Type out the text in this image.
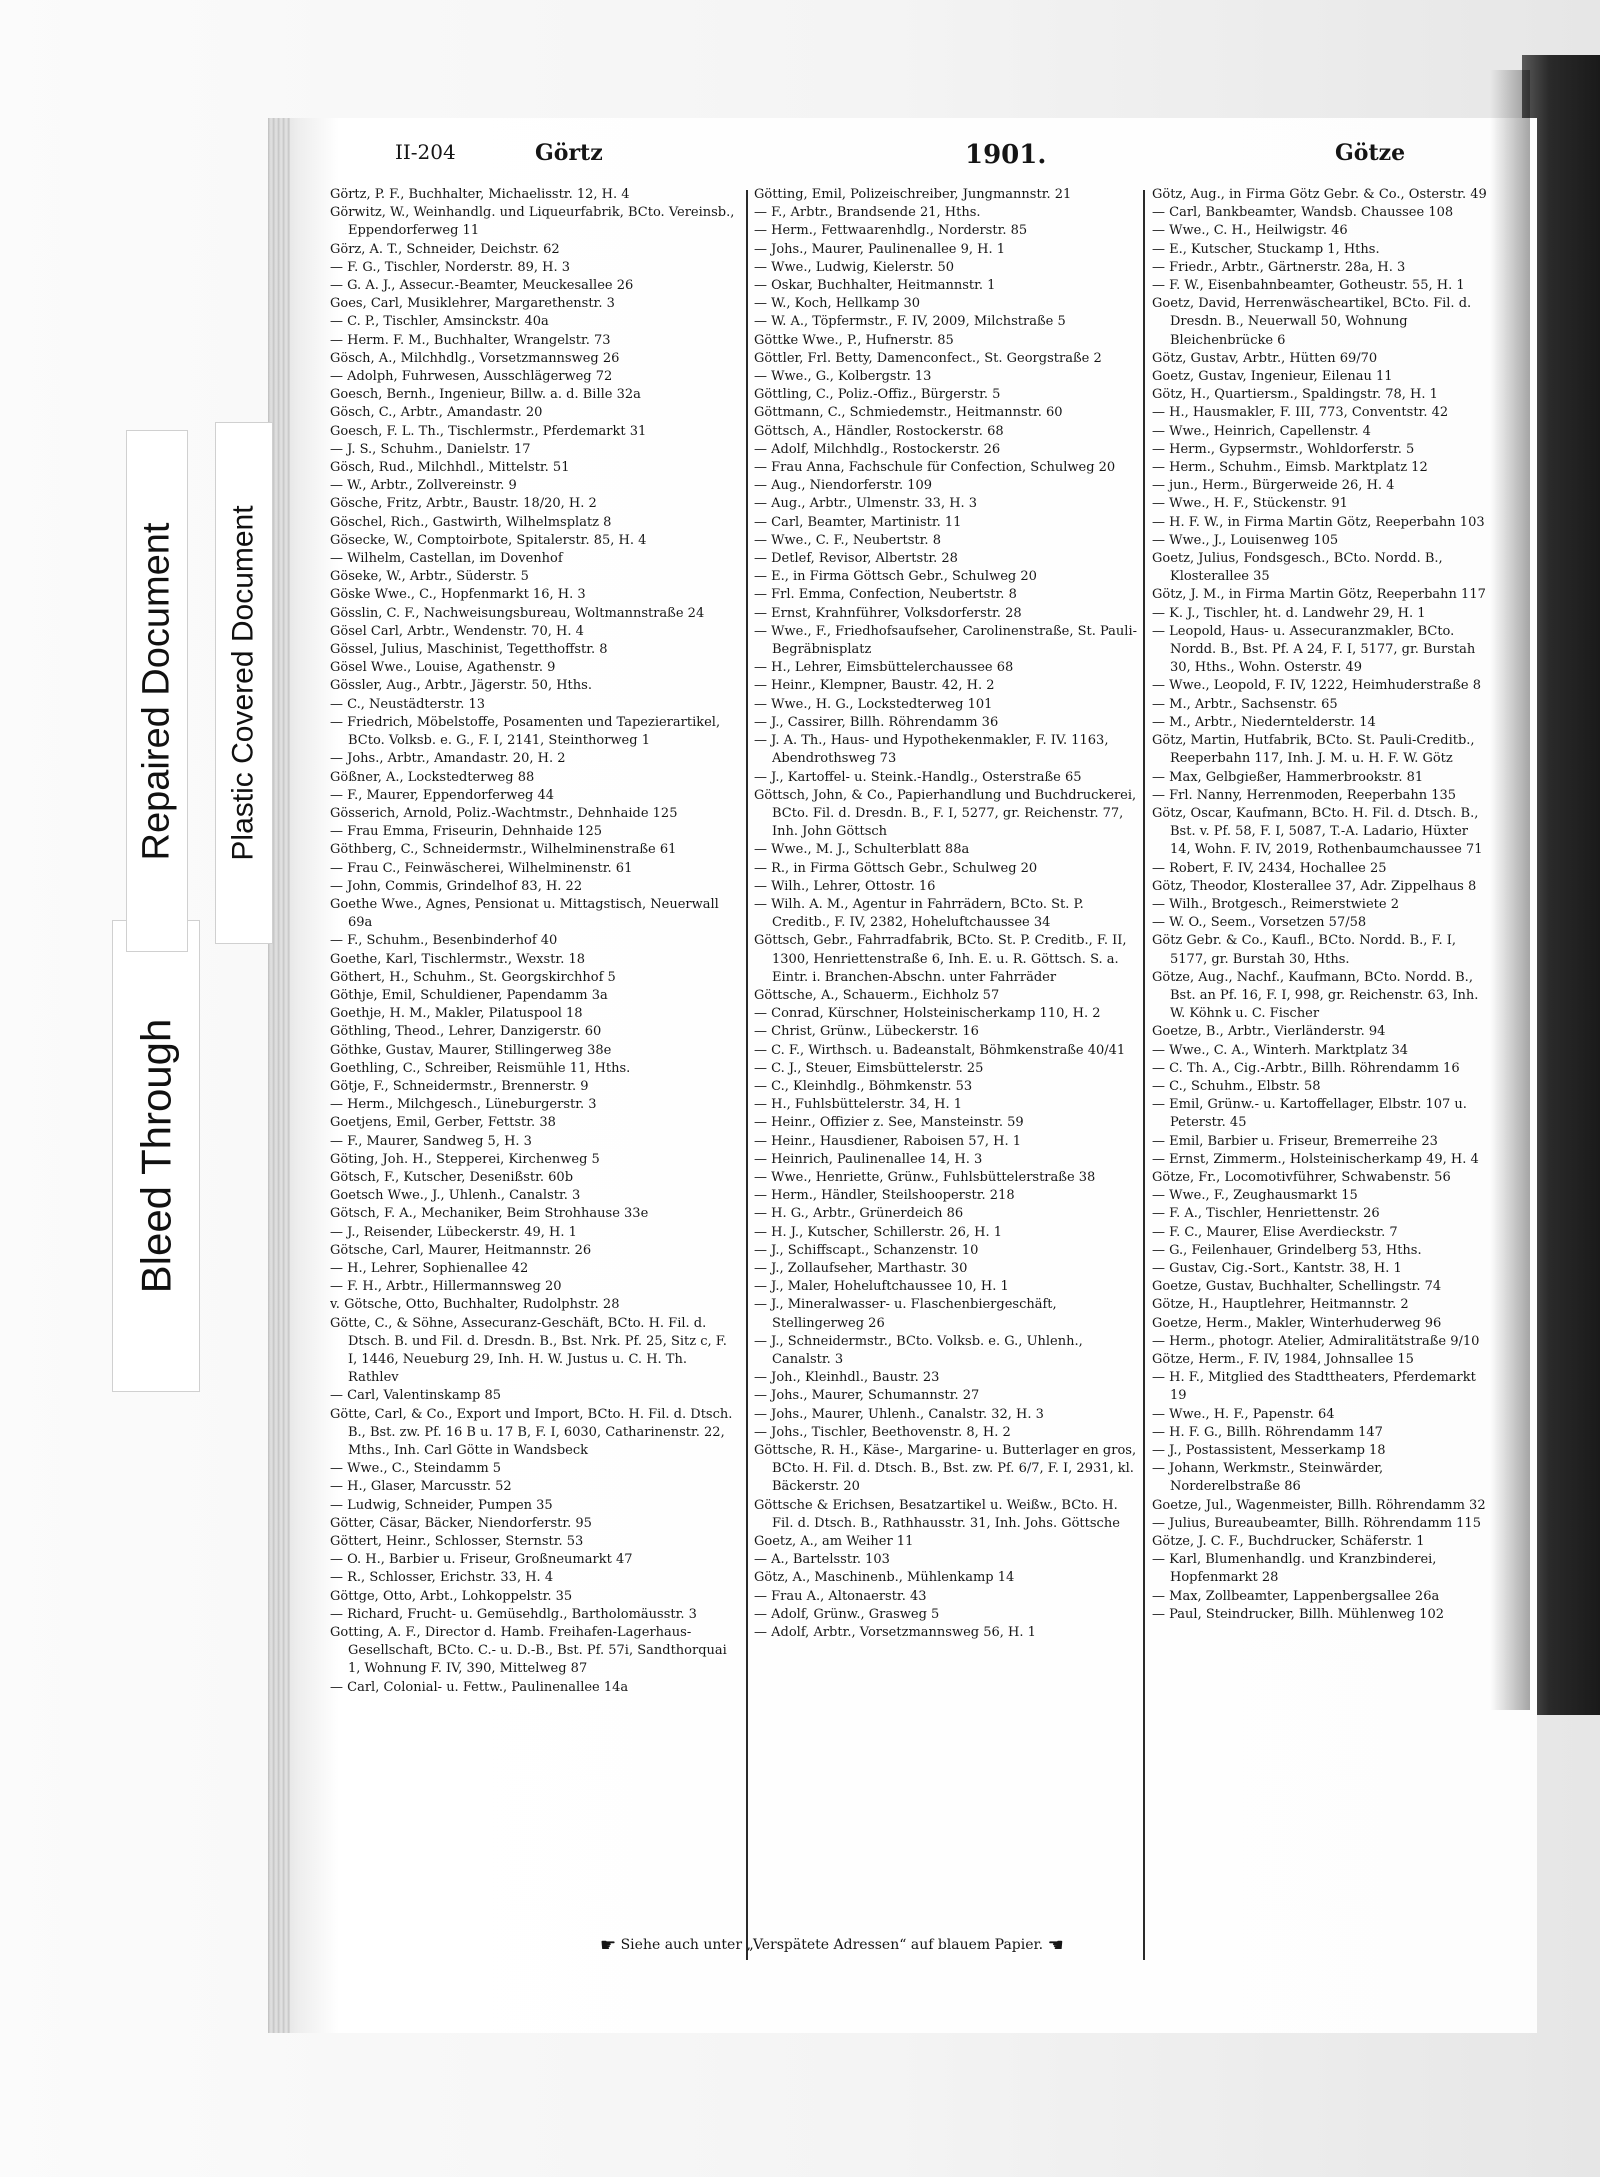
Bleed Through
Repaired Document Plastic Covered Document
II-204	Görtz	1901.	Götze

Görtz, P. F., Buchhalter, Michaelisstr. 12, H. 4

Görwitz, W., Weinhandlg. und Liqueurfabrik, BCto. Vereinsb., Eppendorferweg 11

Görz, A. T., Schneider, Deichstr. 62

— F. G., Tischler, Norderstr. 89, H. 3

— G. A. J., Assecur.-Beamter, Meuckesallee 26

Goes, Carl, Musiklehrer, Margarethenstr. 3

— C. P., Tischler, Amsinckstr. 40a

— Herm. F. M., Buchhalter, Wrangelstr. 73

Gösch, A., Milchhdlg., Vorsetzmannsweg 26

— Adolph, Fuhrwesen, Ausschlägerweg 72

Goesch, Bernh., Ingenieur, Billw. a. d. Bille 32a

Gösch, C., Arbtr., Amandastr. 20

Goesch, F. L. Th., Tischlermstr., Pferdemarkt 31

— J. S., Schuhm., Danielstr. 17

Gösch, Rud., Milchhdl., Mittelstr. 51

— W., Arbtr., Zollvereinstr. 9

Gösche, Fritz, Arbtr., Baustr. 18/20, H. 2

Göschel, Rich., Gastwirth, Wilhelmsplatz 8

Gösecke, W., Comptoirbote, Spitalerstr. 85, H. 4

— Wilhelm, Castellan, im Dovenhof

Göseke, W., Arbtr., Süderstr. 5

Göske Wwe., C., Hopfenmarkt 16, H. 3

Gösslin, C. F., Nachweisungsbureau, Woltmannstraße 24

Gösel Carl, Arbtr., Wendenstr. 70, H. 4

Gössel, Julius, Maschinist, Tegetthoffstr. 8

Gösel Wwe., Louise, Agathenstr. 9

Gössler, Aug., Arbtr., Jägerstr. 50, Hths.

— C., Neustädterstr. 13

— Friedrich, Möbelstoffe, Posamenten und Tapezierartikel, BCto. Volksb. e. G., F. I, 2141, Steinthorweg 1

— Johs., Arbtr., Amandastr. 20, H. 2

Gößner, A., Lockstedterweg 88

— F., Maurer, Eppendorferweg 44

Gösserich, Arnold, Poliz.-Wachtmstr., Dehnhaide 125

— Frau Emma, Friseurin, Dehnhaide 125

Göthberg, C., Schneidermstr., Wilhelminenstraße 61

— Frau C., Feinwäscherei, Wilhelminenstr. 61

— John, Commis, Grindelhof 83, H. 22

Goethe Wwe., Agnes, Pensionat u. Mittagstisch, Neuerwall 69a

— F., Schuhm., Besenbinderhof 40

Goethe, Karl, Tischlermstr., Wexstr. 18

Göthert, H., Schuhm., St. Georgskirchhof 5

Göthje, Emil, Schuldiener, Papendamm 3a

Goethje, H. M., Makler, Pilatuspool 18

Göthling, Theod., Lehrer, Danzigerstr. 60

Göthke, Gustav, Maurer, Stillingerweg 38e

Goethling, C., Schreiber, Reismühle 11, Hths.

Götje, F., Schneidermstr., Brennerstr. 9

— Herm., Milchgesch., Lüneburgerstr. 3

Goetjens, Emil, Gerber, Fettstr. 38

— F., Maurer, Sandweg 5, H. 3

Göting, Joh. H., Stepperei, Kirchenweg 5

Götsch, F., Kutscher, Desenißstr. 60b

Goetsch Wwe., J., Uhlenh., Canalstr. 3

Götsch, F. A., Mechaniker, Beim Strohhause 33e

— J., Reisender, Lübeckerstr. 49, H. 1

Götsche, Carl, Maurer, Heitmannstr. 26

— H., Lehrer, Sophienallee 42

— F. H., Arbtr., Hillermannsweg 20

v. Götsche, Otto, Buchhalter, Rudolphstr. 28

Götte, C., & Söhne, Assecuranz-Geschäft, BCto. H. Fil. d. Dtsch. B. und Fil. d. Dresdn. B., Bst. Nrk. Pf. 25, Sitz c, F. I, 1446, Neueburg 29, Inh. H. W. Justus u. C. H. Th. Rathlev

— Carl, Valentinskamp 85

Götte, Carl, & Co., Export und Import, BCto. H. Fil. d. Dtsch. B., Bst. zw. Pf. 16 B u. 17 B, F. I, 6030, Catharinenstr. 22, Mths., Inh. Carl Götte in Wandsbeck

— Wwe., C., Steindamm 5

— H., Glaser, Marcusstr. 52

— Ludwig, Schneider, Pumpen 35

Götter, Cäsar, Bäcker, Niendorferstr. 95

Göttert, Heinr., Schlosser, Sternstr. 53

— O. H., Barbier u. Friseur, Großneumarkt 47

— R., Schlosser, Erichstr. 33, H. 4

Göttge, Otto, Arbt., Lohkoppelstr. 35

— Richard, Frucht- u. Gemüsehdlg., Bartholomäusstr. 3

Gotting, A. F., Director d. Hamb. Freihafen-Lagerhaus-Gesellschaft, BCto. C.- u. D.-B., Bst. Pf. 57i, Sandthorquai 1, Wohnung F. IV, 390, Mittelweg 87

— Carl, Colonial- u. Fettw., Paulinenallee 14a

Götting, Emil, Polizeischreiber, Jungmannstr. 21

— F., Arbtr., Brandsende 21, Hths.

— Herm., Fettwaarenhdlg., Norderstr. 85

— Johs., Maurer, Paulinenallee 9, H. 1

— Wwe., Ludwig, Kielerstr. 50

— Oskar, Buchhalter, Heitmannstr. 1

— W., Koch, Hellkamp 30

— W. A., Töpfermstr., F. IV, 2009, Milchstraße 5

Göttke Wwe., P., Hufnerstr. 85

Göttler, Frl. Betty, Damenconfect., St. Georgstraße 2

— Wwe., G., Kolbergstr. 13

Göttling, C., Poliz.-Offiz., Bürgerstr. 5

Göttmann, C., Schmiedemstr., Heitmannstr. 60

Göttsch, A., Händler, Rostockerstr. 68

— Adolf, Milchhdlg., Rostockerstr. 26

— Frau Anna, Fachschule für Confection, Schulweg 20

— Aug., Niendorferstr. 109

— Aug., Arbtr., Ulmenstr. 33, H. 3

— Carl, Beamter, Martinistr. 11

— Wwe., C. F., Neubertstr. 8

— Detlef, Revisor, Albertstr. 28

— E., in Firma Göttsch Gebr., Schulweg 20

— Frl. Emma, Confection, Neubertstr. 8

— Ernst, Krahnführer, Volksdorferstr. 28

— Wwe., F., Friedhofsaufseher, Carolinenstraße, St. Pauli-Begräbnisplatz

— H., Lehrer, Eimsbüttelerchaussee 68

— Heinr., Klempner, Baustr. 42, H. 2

— Wwe., H. G., Lockstedterweg 101

— J., Cassirer, Billh. Röhrendamm 36

— J. A. Th., Haus- und Hypothekenmakler, F. IV. 1163, Abendrothsweg 73

— J., Kartoffel- u. Steink.-Handlg., Osterstraße 65

Göttsch, John, & Co., Papierhandlung und Buchdruckerei, BCto. Fil. d. Dresdn. B., F. I, 5277, gr. Reichenstr. 77, Inh. John Göttsch

— Wwe., M. J., Schulterblatt 88a

— R., in Firma Göttsch Gebr., Schulweg 20

— Wilh., Lehrer, Ottostr. 16

— Wilh. A. M., Agentur in Fahrrädern, BCto. St. P. Creditb., F. IV, 2382, Hoheluftchaussee 34

Göttsch, Gebr., Fahrradfabrik, BCto. St. P. Creditb., F. II, 1300, Henriettenstraße 6, Inh. E. u. R. Göttsch. S. a. Eintr. i. Branchen-Abschn. unter Fahrräder

Göttsche, A., Schauerm., Eichholz 57

— Conrad, Kürschner, Holsteinischerkamp 110, H. 2

— Christ, Grünw., Lübeckerstr. 16

— C. F., Wirthsch. u. Badeanstalt, Böhmkenstraße 40/41

— C. J., Steuer, Eimsbüttelerstr. 25

— C., Kleinhdlg., Böhmkenstr. 53

— H., Fuhlsbüttelerstr. 34, H. 1

— Heinr., Offizier z. See, Mansteinstr. 59

— Heinr., Hausdiener, Raboisen 57, H. 1

— Heinrich, Paulinenallee 14, H. 3

— Wwe., Henriette, Grünw., Fuhlsbüttelerstraße 38

— Herm., Händler, Steilshooperstr. 218

— H. G., Arbtr., Grünerdeich 86

— H. J., Kutscher, Schillerstr. 26, H. 1

— J., Schiffscapt., Schanzenstr. 10

— J., Zollaufseher, Marthastr. 30

— J., Maler, Hoheluftchaussee 10, H. 1

— J., Mineralwasser- u. Flaschenbiergeschäft, Stellingerweg 26

— J., Schneidermstr., BCto. Volksb. e. G., Uhlenh., Canalstr. 3

— Joh., Kleinhdl., Baustr. 23

— Johs., Maurer, Schumannstr. 27

— Johs., Maurer, Uhlenh., Canalstr. 32, H. 3

— Johs., Tischler, Beethovenstr. 8, H. 2

Göttsche, R. H., Käse-, Margarine- u. Butterlager en gros, BCto. H. Fil. d. Dtsch. B., Bst. zw. Pf. 6/7, F. I, 2931, kl. Bäckerstr. 20

Göttsche & Erichsen, Besatzartikel u. Weißw., BCto. H. Fil. d. Dtsch. B., Rathhausstr. 31, Inh. Johs. Göttsche

Goetz, A., am Weiher 11

— A., Bartelsstr. 103

Götz, A., Maschinenb., Mühlenkamp 14

— Frau A., Altonaerstr. 43

— Adolf, Grünw., Grasweg 5

— Adolf, Arbtr., Vorsetzmannsweg 56, H. 1

Götz, Aug., in Firma Götz Gebr. & Co., Osterstr. 49

— Carl, Bankbeamter, Wandsb. Chaussee 108

— Wwe., C. H., Heilwigstr. 46

— E., Kutscher, Stuckamp 1, Hths.

— Friedr., Arbtr., Gärtnerstr. 28a, H. 3

— F. W., Eisenbahnbeamter, Gotheustr. 55, H. 1

Goetz, David, Herrenwäscheartikel, BCto. Fil. d. Dresdn. B., Neuerwall 50, Wohnung Bleichenbrücke 6

Götz, Gustav, Arbtr., Hütten 69/70

Goetz, Gustav, Ingenieur, Eilenau 11

Götz, H., Quartiersm., Spaldingstr. 78, H. 1

— H., Hausmakler, F. III, 773, Conventstr. 42

— Wwe., Heinrich, Capellenstr. 4

— Herm., Gypsermstr., Wohldorferstr. 5

— Herm., Schuhm., Eimsb. Marktplatz 12

— jun., Herm., Bürgerweide 26, H. 4

— Wwe., H. F., Stückenstr. 91

— H. F. W., in Firma Martin Götz, Reeperbahn 103

— Wwe., J., Louisenweg 105

Goetz, Julius, Fondsgesch., BCto. Nordd. B., Klosterallee 35

Götz, J. M., in Firma Martin Götz, Reeperbahn 117

— K. J., Tischler, ht. d. Landwehr 29, H. 1

— Leopold, Haus- u. Assecuranzmakler, BCto. Nordd. B., Bst. Pf. A 24, F. I, 5177, gr. Burstah 30, Hths., Wohn. Osterstr. 49

— Wwe., Leopold, F. IV, 1222, Heimhuderstraße 8

— M., Arbtr., Sachsenstr. 65

— M., Arbtr., Niederntelderstr. 14

Götz, Martin, Hutfabrik, BCto. St. Pauli-Creditb., Reeperbahn 117, Inh. J. M. u. H. F. W. Götz

— Max, Gelbgießer, Hammerbrookstr. 81

— Frl. Nanny, Herrenmoden, Reeperbahn 135

Götz, Oscar, Kaufmann, BCto. H. Fil. d. Dtsch. B., Bst. v. Pf. 58, F. I, 5087, T.-A. Ladario, Hüxter 14, Wohn. F. IV, 2019, Rothenbaumchaussee 71

— Robert, F. IV, 2434, Hochallee 25

Götz, Theodor, Klosterallee 37, Adr. Zippelhaus 8

— Wilh., Brotgesch., Reimerstwiete 2

— W. O., Seem., Vorsetzen 57/58

Götz Gebr. & Co., Kaufl., BCto. Nordd. B., F. I, 5177, gr. Burstah 30, Hths.

Götze, Aug., Nachf., Kaufmann, BCto. Nordd. B., Bst. an Pf. 16, F. I, 998, gr. Reichenstr. 63, Inh. W. Köhnk u. C. Fischer

Goetze, B., Arbtr., Vierländerstr. 94

— Wwe., C. A., Winterh. Marktplatz 34

— C. Th. A., Cig.-Arbtr., Billh. Röhrendamm 16

— C., Schuhm., Elbstr. 58

— Emil, Grünw.- u. Kartoffellager, Elbstr. 107 u. Peterstr. 45

— Emil, Barbier u. Friseur, Bremerreihe 23

— Ernst, Zimmerm., Holsteinischerkamp 49, H. 4

Götze, Fr., Locomotivführer, Schwabenstr. 56

— Wwe., F., Zeughausmarkt 15

— F. A., Tischler, Henriettenstr. 26

— F. C., Maurer, Elise Averdieckstr. 7

— G., Feilenhauer, Grindelberg 53, Hths.

— Gustav, Cig.-Sort., Kantstr. 38, H. 1

Goetze, Gustav, Buchhalter, Schellingstr. 74

Götze, H., Hauptlehrer, Heitmannstr. 2

Goetze, Herm., Makler, Winterhuderweg 96

— Herm., photogr. Atelier, Admiralitätstraße 9/10

Götze, Herm., F. IV, 1984, Johnsallee 15

— H. F., Mitglied des Stadttheaters, Pferdemarkt 19

— Wwe., H. F., Papenstr. 64

— H. F. G., Billh. Röhrendamm 147

— J., Postassistent, Messerkamp 18

— Johann, Werkmstr., Steinwärder, Norderelbstraße 86

Goetze, Jul., Wagenmeister, Billh. Röhrendamm 32

— Julius, Bureaubeamter, Billh. Röhrendamm 115

Götze, J. C. F., Buchdrucker, Schäferstr. 1

— Karl, Blumenhandlg. und Kranzbinderei, Hopfenmarkt 28

— Max, Zollbeamter, Lappenbergsallee 26a

— Paul, Steindrucker, Billh. Mühlenweg 102

☛ Siehe auch unter „Verspätete Adressen“ auf blauem Papier. ☚
